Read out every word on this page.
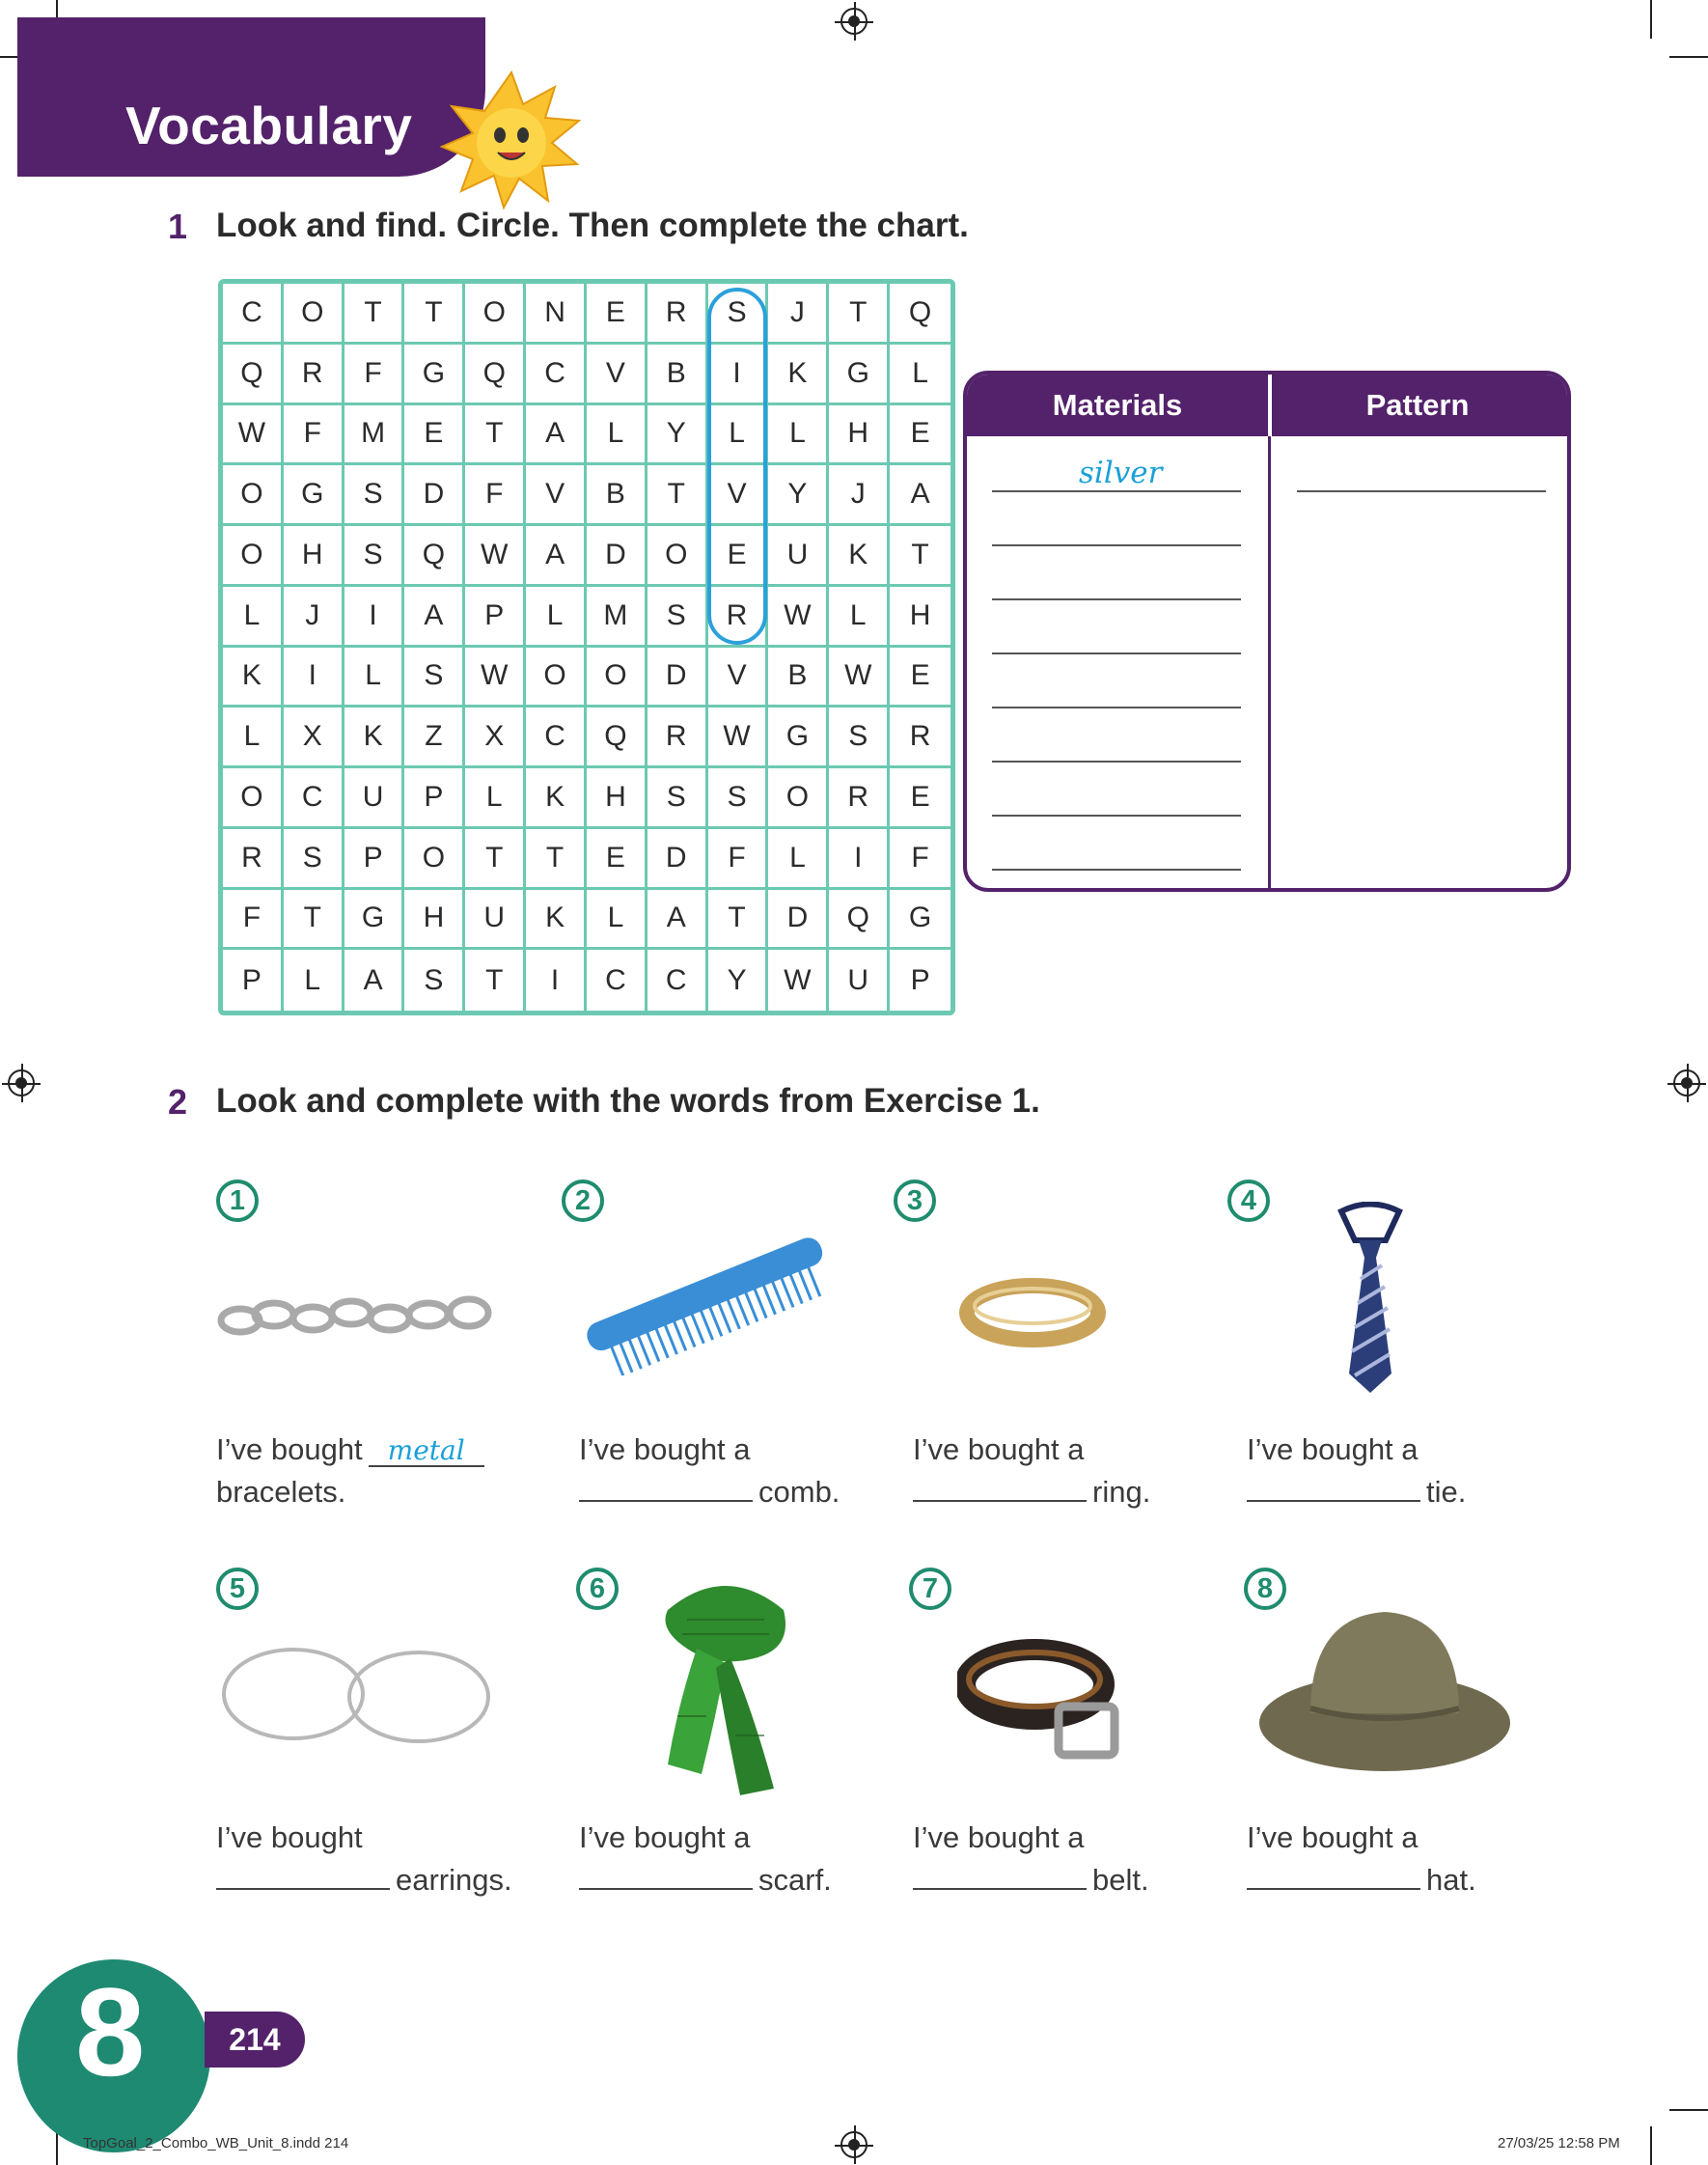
Vocabulary
1 Look and find. Circle. Then complete the chart.
C	O	T	T	O	N	E	R	S	J	T	Q
Q	R	F	G	Q	C	V	B	I	K	G	L
W	F	M	E	T	A	L	Y	L	L	H	E
O	G	S	D	F	V	B	T	V	Y	J	A
O	H	S	Q	W	A	D	O	E	U	K	T
L	J	I	A	P	L	M	S	R	W	L	H
K	I	L	S	W	O	O	D	V	B	W	E
L	X	K	Z	X	C	Q	R	W	G	S	R
O	C	U	P	L	K	H	S	S	O	R	E
R	S	P	O	T	T	E	D	F	L	I	F
F	T	G	H	U	K	L	A	T	D	Q	G
P	L	A	S	T	I	C	C	Y	W	U	P
Materials	Pattern
silver
2 Look and complete with the words from Exercise 1.
1
I’ve bought metal
bracelets.
2
I’ve bought a
comb.
3
I’ve bought a
ring.
4
I’ve bought a
tie.
5
I’ve bought
earrings.
6
I’ve bought a
scarf.
7
I’ve bought a
belt.
8
I’ve bought a
hat.
8	214
TopGoal_2_Combo_WB_Unit_8.indd 214	27/03/25 12:58 PM
